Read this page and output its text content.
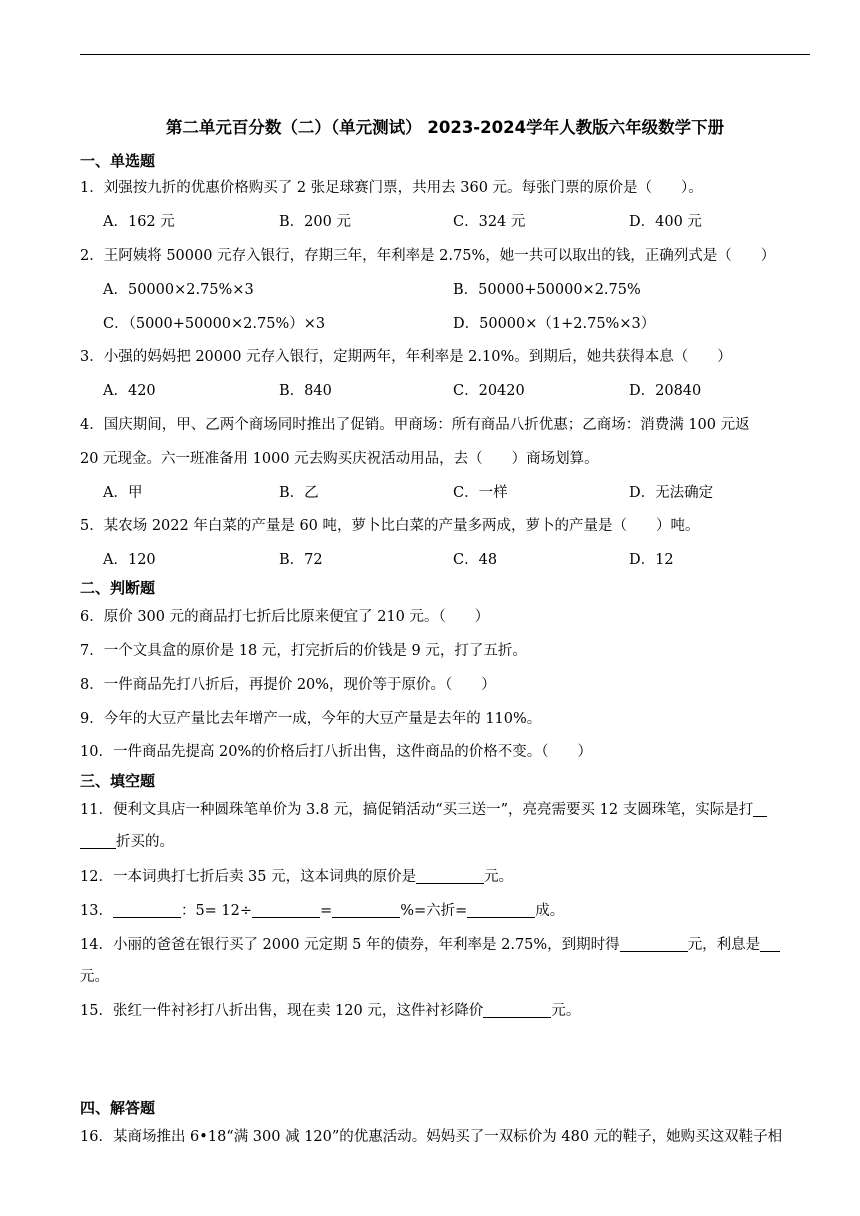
第二单元百分数（二）（单元测试） 2023-2024学年人教版六年级数学下册
一、单选题
1．刘强按九折的优惠价格购买了 2 张足球赛门票，共用去 360 元。每张门票的原价是（　　）。
A．162 元	B．200 元	C．324 元	D．400 元
2．王阿姨将 50000 元存入银行，存期三年，年利率是 2.75%，她一共可以取出的钱，正确列式是（　　）
A．50000×2.75%×3	B．50000+50000×2.75%
C．（5000+50000×2.75%）×3	D．50000×（1+2.75%×3）
3．小强的妈妈把 20000 元存入银行，定期两年，年利率是 2.10%。到期后，她共获得本息（　　）
A．420	B．840	C．20420	D．20840
4．国庆期间，甲、乙两个商场同时推出了促销。甲商场：所有商品八折优惠；乙商场：消费满 100 元返
20 元现金。六一班准备用 1000 元去购买庆祝活动用品，去（　　）商场划算。
A．甲	B．乙	C．一样	D．无法确定
5．某农场 2022 年白菜的产量是 60 吨，萝卜比白菜的产量多两成，萝卜的产量是（　　）吨。
A．120	B．72	C．48	D．12
二、判断题
6．原价 300 元的商品打七折后比原来便宜了 210 元。（　　）
7．一个文具盒的原价是 18 元，打完折后的价钱是 9 元，打了五折。
8．一件商品先打八折后，再提价 20%，现价等于原价。（　　）
9．今年的大豆产量比去年增产一成，今年的大豆产量是去年的 110%。
10．一件商品先提高 20%的价格后打八折出售，这件商品的价格不变。（　　）
三、填空题
11．便利文具店一种圆珠笔单价为 3.8 元，搞促销活动“买三送一”，亮亮需要买 12 支圆珠笔，实际是打
折买的。
12．一本词典打七折后卖 35 元，这本词典的原价是	元。
13．	：5= 12÷	=	%=六折=	成。
14．小丽的爸爸在银行买了 2000 元定期 5 年的债券，年利率是 2.75%，到期时得	元，利息是
元。
15．张红一件衬衫打八折出售，现在卖 120 元，这件衬衫降价	元。
四、解答题
16．某商场推出 6•18“满 300 减 120”的优惠活动。妈妈买了一双标价为 480 元的鞋子，她购买这双鞋子相
